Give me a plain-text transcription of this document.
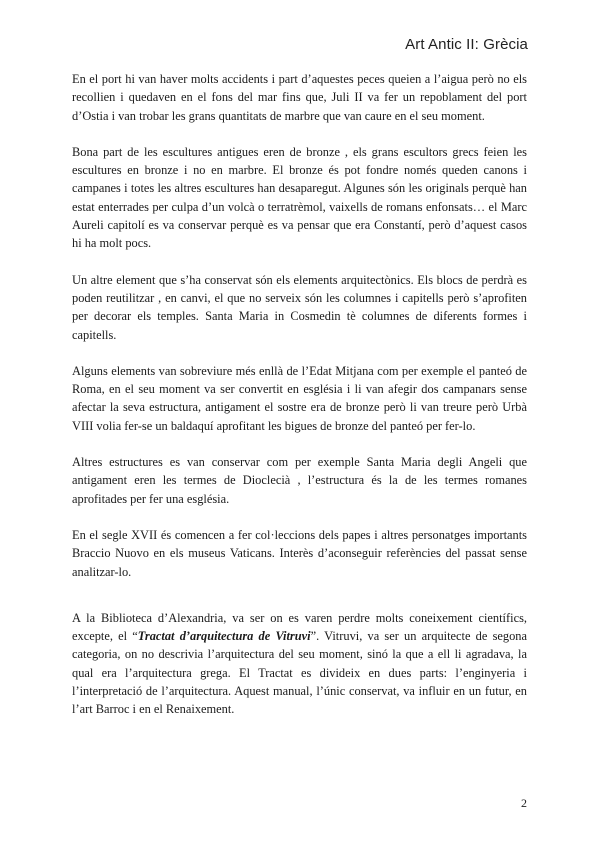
Art Antic II: Grècia

En el port hi van haver molts accidents i part d’aquestes peces queien a l’aigua però no els recollien i quedaven en el fons del mar fins que, Juli II va fer un repoblament del port d’Ostia i van trobar les grans quantitats de marbre que van caure en el seu moment.

Bona part de les escultures antigues eren de bronze , els grans escultors grecs feien les escultures en bronze i no en marbre. El bronze és pot fondre només queden canons i campanes i totes les altres escultures han desaparegut. Algunes són les originals perquè han estat enterrades per culpa d’un volcà o terratrèmol, vaixells de romans enfonsats… el Marc Aureli capitolí es va conservar perquè es va pensar que era Constantí, però d’aquest casos hi ha molt pocs.

Un altre element que s’ha conservat són els elements arquitectònics. Els blocs de perdrà es poden reutilitzar , en canvi, el que no serveix són les columnes i capitells però s’aprofiten per decorar els temples. Santa Maria in Cosmedin tè columnes de diferents formes i capitells.

Alguns elements van sobreviure més enllà de l’Edat Mitjana com per exemple el panteó de Roma, en el seu moment va ser convertit en església i li van afegir dos campanars sense afectar la seva estructura, antigament el sostre era de bronze però li van treure però Urbà VIII volia fer-se un baldaquí aprofitant les bigues de bronze del panteó per fer-lo.

Altres estructures es van conservar com per exemple Santa Maria degli Angeli que antigament eren les termes de Dioclecià , l’estructura és la de les termes romanes aprofitades per fer una església.

En el segle XVII és comencen a fer col·leccions dels papes i altres personatges importants Braccio Nuovo en els museus Vaticans. Interès d’aconseguir referències del passat sense analitzar-lo.

A la Biblioteca d’Alexandria, va ser on es varen perdre molts coneixement científics, excepte, el “Tractat d’arquitectura de Vitruvi”. Vitruvi, va ser un arquitecte de segona categoria, on no descrivia l’arquitectura del seu moment, sinó la que a ell li agradava, la qual era l’arquitectura grega. El Tractat es divideix en dues parts: l’enginyeria i l’interpretació de l’arquitectura. Aquest manual, l’únic conservat, va influir en un futur, en l’art Barroc i en el Renaixement.

2
